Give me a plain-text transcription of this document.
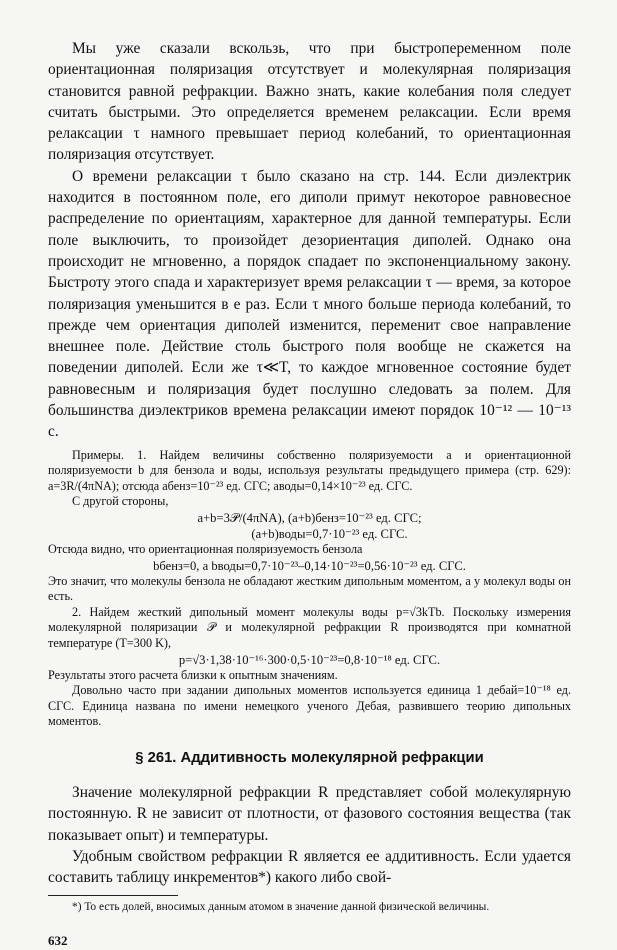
Мы уже сказали вскользь, что при быстропеременном поле ориентационная поляризация отсутствует и молекулярная поляризация становится равной рефракции. Важно знать, какие колебания поля следует считать быстрыми. Это определяется временем релаксации. Если время релаксации τ намного превышает период колебаний, то ориентационная поляризация отсутствует.

О времени релаксации τ было сказано на стр. 144. Если диэлектрик находится в постоянном поле, его диполи примут некоторое равновесное распределение по ориентациям, характерное для данной температуры. Если поле выключить, то произойдет дезориентация диполей. Однако она происходит не мгновенно, а порядок спадает по экспоненциальному закону. Быстроту этого спада и характеризует время релаксации τ — время, за которое поляризация уменьшится в e раз. Если τ много больше периода колебаний, то прежде чем ориентация диполей изменится, переменит свое направление внешнее поле. Действие столь быстрого поля вообще не скажется на поведении диполей. Если же τ≪T, то каждое мгновенное состояние будет равновесным и поляризация будет послушно следовать за полем. Для большинства диэлектриков времена релаксации имеют порядок 10⁻¹² — 10⁻¹³ с.

Примеры. 1. Найдем величины собственно поляризуемости a и ориентационной поляризуемости b для бензола и воды, используя результаты предыдущего примера (стр. 629): a=3R/(4πNA); отсюда aбенз=10⁻²³ ед. СГС; aводы=0,14×10⁻²³ ед. СГС.

С другой стороны,

a+b=3𝒫/(4πNA), (a+b)бенз=10⁻²³ ед. СГС;
(a+b)воды=0,7·10⁻²³ ед. СГС.

Отсюда видно, что ориентационная поляризуемость бензола

bбенз=0, а bводы=0,7·10⁻²³–0,14·10⁻²³=0,56·10⁻²³ ед. СГС.

Это значит, что молекулы бензола не обладают жестким дипольным моментом, а у молекул воды он есть.

2. Найдем жесткий дипольный момент молекулы воды p=√3kTb. Поскольку измерения молекулярной поляризации 𝒫 и молекулярной рефракции R производятся при комнатной температуре (T=300 K),

p=√3·1,38·10⁻¹⁶·300·0,5·10⁻²³=0,8·10⁻¹⁸ ед. СГС.

Результаты этого расчета близки к опытным значениям.

Довольно часто при задании дипольных моментов используется единица 1 дебай=10⁻¹⁸ ед. СГС. Единица названа по имени немецкого ученого Дебая, развившего теорию дипольных моментов.

§ 261. Аддитивность молекулярной рефракции

Значение молекулярной рефракции R представляет собой молекулярную постоянную. R не зависит от плотности, от фазового состояния вещества (так показывает опыт) и температуры.

Удобным свойством рефракции R является ее аддитивность. Если удается составить таблицу инкрементов*) какого либо свой-

*) То есть долей, вносимых данным атомом в значение данной физической величины.

632
